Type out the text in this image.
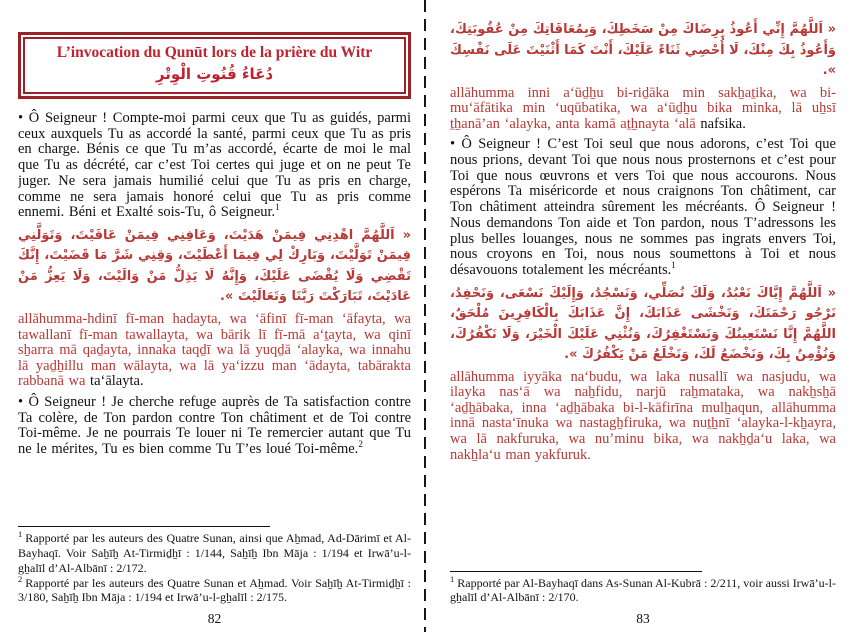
L’invocation du Qunūt lors de la prière du Witr
دُعَاءُ قُنُوتِ الْوِتْرِ

• Ô Seigneur ! Compte-moi parmi ceux que Tu as guidés, parmi ceux auxquels Tu as accordé la santé, parmi ceux que Tu as pris en charge. Bénis ce que Tu m’as accordé, écarte de moi le mal que Tu as décrété, car c’est Toi certes qui juge et on ne peut Te juger. Ne sera jamais humilié celui que Tu as pris en charge, comme ne sera jamais honoré celui que Tu as pris comme ennemi. Béni et Exalté sois-Tu, ô Seigneur.$^1$

« اَللَّهُمَّ اهْدِنِي فِيمَنْ هَدَيْتَ، وَعَافِنِي فِيمَنْ عَافَيْتَ، وَتَوَلَّنِي فِيمَنْ تَوَلَّيْتَ، وَبَارِكْ لِي فِيمَا أَعْطَيْتَ، وَقِنِي شَرَّ مَا قَضَيْتَ، إِنَّكَ تَقْضِي وَلَا يُقْضَى عَلَيْكَ، وَإِنَّهُ لَا يَذِلُّ مَنْ وَالَيْتَ، وَلَا يَعِزُّ مَنْ عَادَيْتَ، تَبَارَكْتَ رَبَّنَا وَتَعَالَيْتَ ».

allāhumma-hdinī fī-man hadayta, wa ‘āfinī fī-man ‘āfayta, wa tawallanī fī-man tawallayta, wa bārik lī fī-mā a‘ṯayta, wa qinī sẖarra mā qaḏayta, innaka taqḏī wa lā yuqḏā ‘alayka, wa innahu lā yaḏẖillu man wālayta, wa lā ya‘izzu man ‘ādayta, tabārakta rabbanā wa ta‘ālayta.

• Ô Seigneur ! Je cherche refuge auprès de Ta satisfaction contre Ta colère, de Ton pardon contre Ton châtiment et de Toi contre Toi-même. Je ne pourrais Te louer ni Te remercier autant que Tu ne le mérites, Tu es bien comme Tu T’es loué Toi-même.$^2$

$^1$ Rapporté par les auteurs des Quatre Sunan, ainsi que Aẖmad, Ad-Dārimī et Al-Bayhaqī. Voir Saẖīẖ At-Tirmiḏẖī : 1/144, Saẖīẖ Ibn Māja : 1/194 et Irwā’u-l-gẖalīl d’Al-Albānī : 2/172.

$^2$ Rapporté par les auteurs des Quatre Sunan et Aẖmad. Voir Saẖīẖ At-Tirmiḏẖī : 3/180, Saẖīẖ Ibn Māja : 1/194 et Irwā’u-l-gẖalīl : 2/175.

82

« اَللَّهُمَّ إِنِّي أَعُوذُ بِرِضَاكَ مِنْ سَخَطِكَ، وَبِمُعَافَاتِكَ مِنْ عُقُوبَتِكَ، وَأَعُوذُ بِكَ مِنْكَ، لَا أُحْصِي ثَنَاءً عَلَيْكَ، أَنْتَ كَمَا أَثْنَيْتَ عَلَى نَفْسِكَ ».

allāhumma inni a‘ūḏẖu bi-riḏāka min sakẖaṯika, wa bi-mu‘āfātika min ‘uqūbatika, wa a‘ūḏẖu bika minka, lā uẖsī ṯẖanā’an ‘alayka, anta kamā aṯẖnayta ‘alā nafsika.

• Ô Seigneur ! C’est Toi seul que nous adorons, c’est Toi que nous prions, devant Toi que nous nous prosternons et c’est pour Toi que nous œuvrons et vers Toi que nous accourons. Nous espérons Ta miséricorde et nous craignons Ton châtiment, car Ton châtiment atteindra sûrement les mécréants. Ô Seigneur ! Nous demandons Ton aide et Ton pardon, nous T’adressons les plus belles louanges, nous ne sommes pas ingrats envers Toi, nous croyons en Toi, nous nous soumettons à Toi et nous désavouons totalement les mécréants.$^1$

« اَللَّهُمَّ إِيَّاكَ نَعْبُدُ، وَلَكَ نُصَلِّي، وَنَسْجُدُ، وَإِلَيْكَ نَسْعَى، وَنَحْفِدُ، نَرْجُو رَحْمَتَكَ، وَنَخْشَى عَذَابَكَ، إِنَّ عَذَابَكَ بِالْكَافِرِينَ مُلْحَقٌ، اللَّهُمَّ إِنَّا نَسْتَعِينُكَ وَنَسْتَغْفِرُكَ، وَنُثْنِي عَلَيْكَ الْخَيْرَ، وَلَا نَكْفُرُكَ، وَنُؤْمِنُ بِكَ، وَنَخْضَعُ لَكَ، وَنَخْلَعُ مَنْ يَكْفُرُكَ ».

allāhumma iyyāka na‘budu, wa laka nusallī wa nasjudu, wa ilayka nas‘ā wa naẖfidu, narjū raẖmataka, wa nakẖsẖā ‘aḏẖābaka, inna ‘aḏẖābaka bi-l-kāfirīna mulẖaqun, allāhumma innā nasta‘īnuka wa nastagẖfiruka, wa nuṯẖnī ‘alayka-l-kẖayra, wa lā nakfuruka, wa nu’minu bika, wa nakẖḏa‘u laka, wa nakẖla‘u man yakfuruk.

$^1$ Rapporté par Al-Bayhaqī dans As-Sunan Al-Kubrā : 2/211, voir aussi Irwā’u-l-gẖalīl d’Al-Albānī : 2/170.

83
